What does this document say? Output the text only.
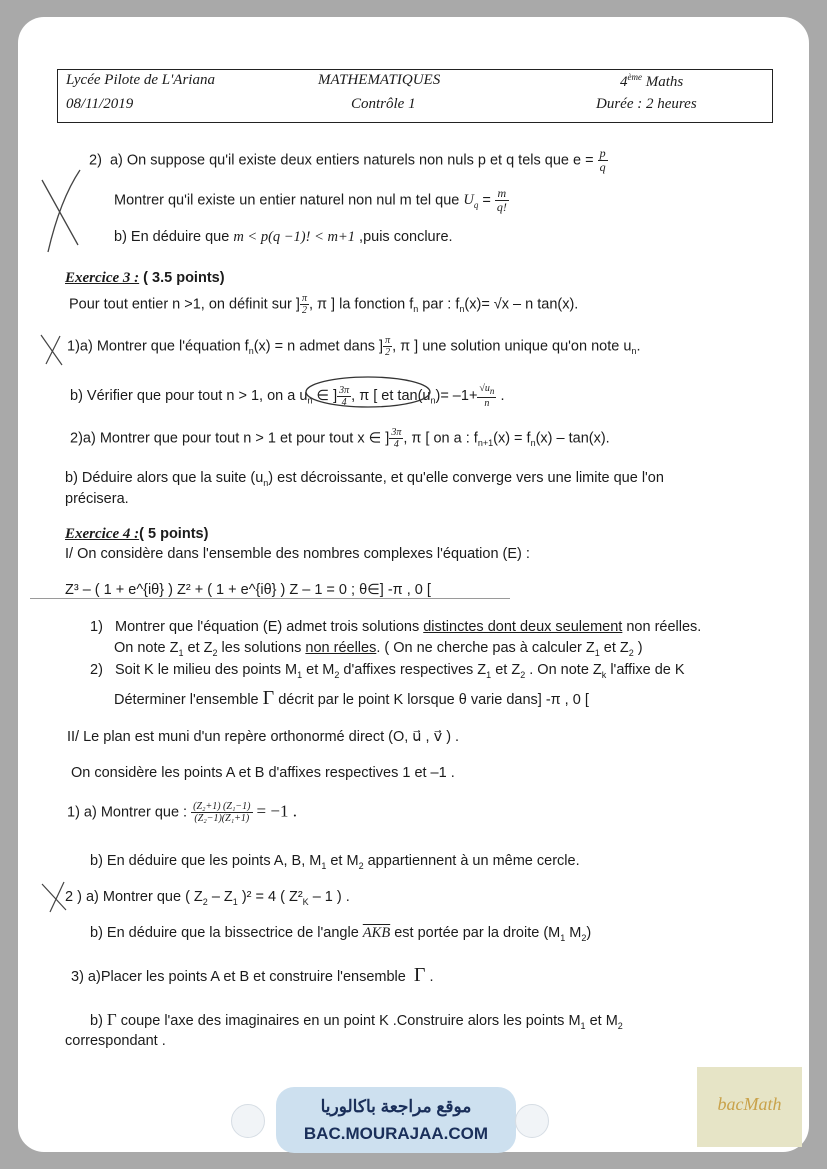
Lycée Pilote de L'Ariana	MATHEMATIQUES	4ème Maths
08/11/2019	Contrôle 1	Durée : 2 heures
2) a) On suppose qu'il existe deux entiers naturels non nuls p et q tels que $e = \frac{p}{q}$
Montrer qu'il existe un entier naturel non nul m tel que $U_q = \frac{m}{q!}$
b) En déduire que m < p(q −1)! < m+1 ,puis conclure.
Exercice 3 : ( 3.5 points)
Pour tout entier n >1, on définit sur ] $\frac{\pi}{2}$ , π ] la fonction $f_n$ par : $f_n(x)= √x - n$ tan(x).
1)a) Montrer que l'équation $f_n(x) = n$ admet dans ] $\frac{\pi}{2}$ , π ] une solution unique qu'on note $u_n$.
b) Vérifier que pour tout n > 1, on a $u_n$ ∈ ] $\frac{3\pi}{4}$ , π [ et $\tan(u_n)= -1+ \frac{√u_n}{n}$ .
2)a) Montrer que pour tout n > 1 et pour tout x ∈ ] $\frac{3\pi}{4}$ , π [ on a : $f_{n+1}(x) = f_n(x) - \tan(x)$.
b) Déduire alors que la suite $(u_n)$ est décroissante, et qu'elle converge vers une limite que l'on
précisera.
Exercice 4 :( 5 points)
I/ On considère dans l'ensemble des nombres complexes l'équation (E) :
Z³ – ( 1 + e^{iθ} ) Z² + ( 1 + e^{iθ} ) Z – 1 = 0 ; θ∈] -π , 0 [
1) Montrer que l'équation (E) admet trois solutions distinctes dont deux seulement non réelles.
On note $Z_1$ et $Z_2$ les solutions non réelles. ( On ne cherche pas à calculer $Z_1$ et $Z_2$ )
2) Soit K le milieu des points $M_1$ et $M_2$ d'affixes respectives $Z_1$ et $Z_2$ . On note $Z_k$ l'affixe de K
Déterminer l'ensemble Γ décrit par le point K lorsque θ varie dans] -π , 0 [
II/ Le plan est muni d'un repère orthonormé direct (O, u⃗ , v⃗ ) .
On considère les points A et B d'affixes respectives 1 et –1 .
1) a) Montrer que : $\frac{\text{(Z₂+1) (Z₁−1)}}{\text{(Z₂−1)(Z₁+1)}} = -1$ .
b) En déduire que les points A, B, $M_1$ et $M_2$ appartiennent à un même cercle.
2 ) a) Montrer que ( $Z_2 - Z_1$ )² = 4 ( $Z^2_K - 1$ ) .
b) En déduire que la bissectrice de l'angle $\overline{AKB}$ est portée par la droite ($M_1$ $M_2$)
3) a)Placer les points A et B et construire l'ensemble Γ .
b) Γ coupe l'axe des imaginaires en un point K .Construire alors les points $M_1$ et $M_2$
correspondant .
موقع مراجعة باكالوريا
BAC.MOURAJAA.COM
bacMath
